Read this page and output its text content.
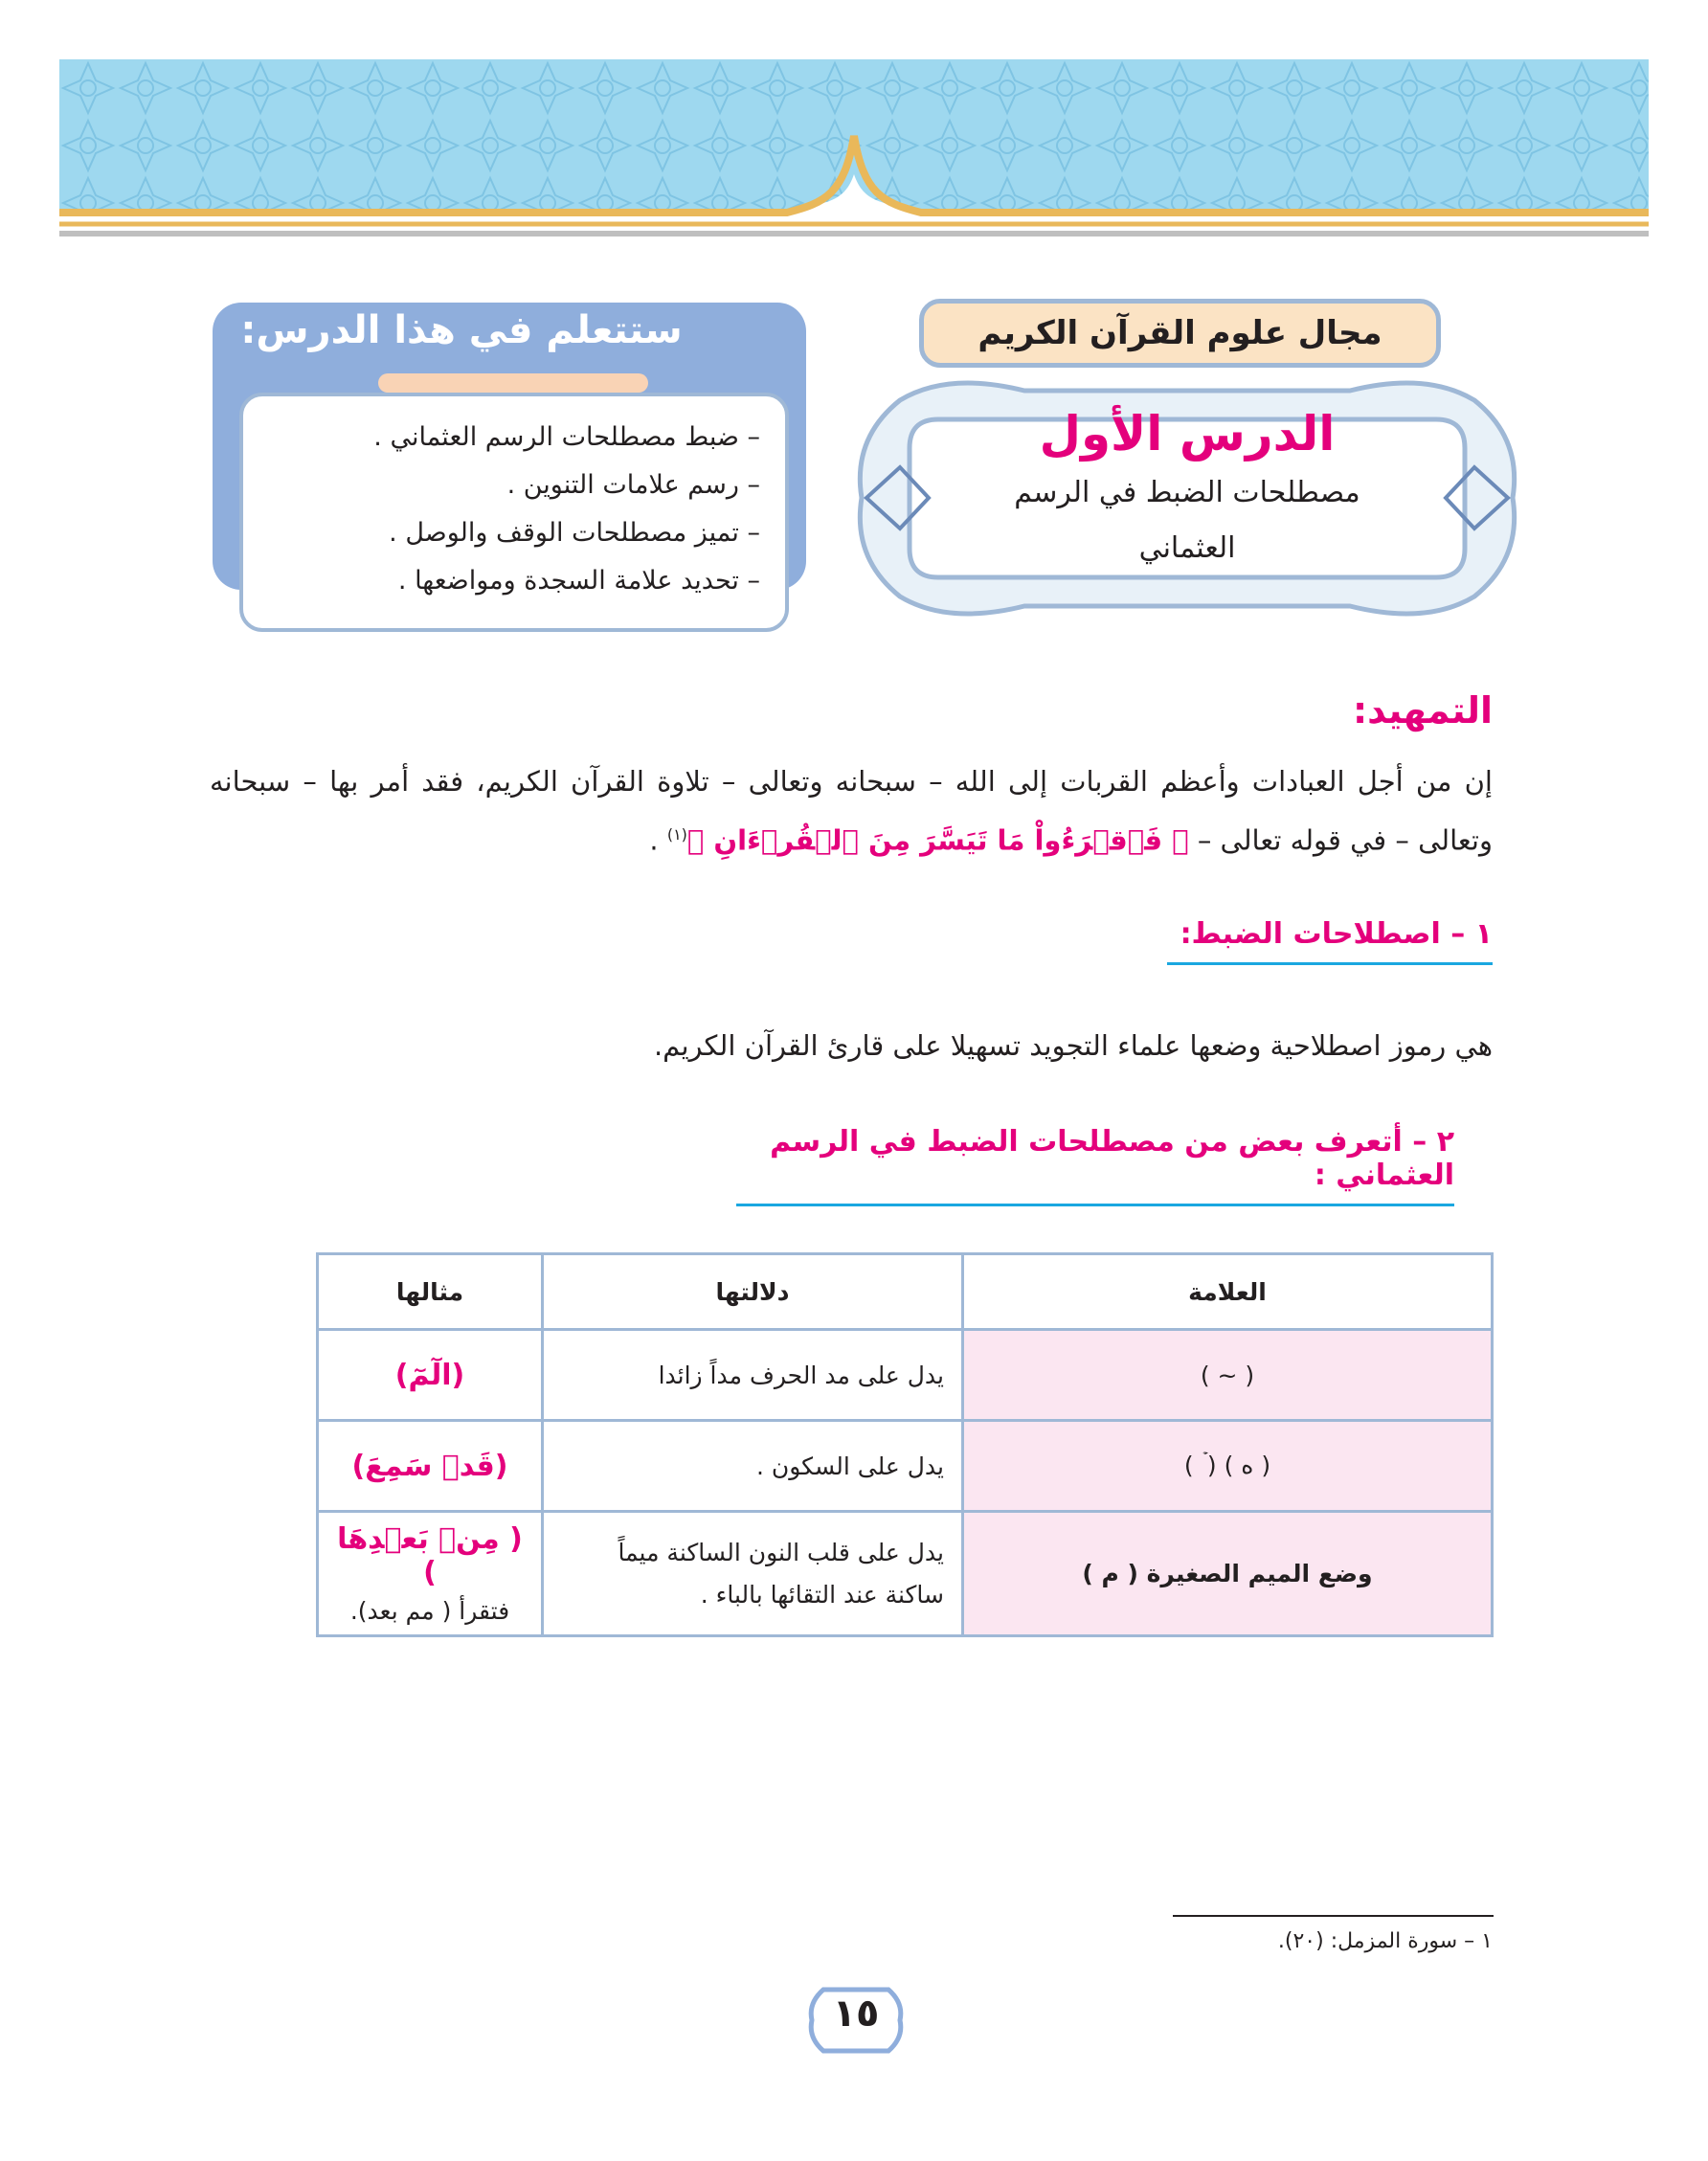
مجال علوم القرآن الكريم
الدرس الأول
مصطلحات الضبط في الرسم العثماني
ستتعلم في هذا الدرس:
– ضبط مصطلحات الرسم العثماني .
– رسم علامات التنوين .
– تميز مصطلحات الوقف والوصل .
– تحديد علامة السجدة ومواضعها .
التمهيد:
إن من أجل العبادات وأعظم القربات إلى الله – سبحانه وتعالى – تلاوة القرآن الكريم، فقد أمر بها – سبحانه وتعالى – في قوله تعالى – ﴿ فَٱقۡرَءُواْ مَا تَيَسَّرَ مِنَ ٱلۡقُرۡءَانِ ﴾$^{(١)}$ .
١ – اصطلاحات الضبط:
هي رموز اصطلاحية وضعها علماء التجويد تسهيلا على قارئ القرآن الكريم.
٢ – أتعرف بعض من مصطلحات الضبط في الرسم العثماني :
العلامة	دلالتها	مثالها
( ~ )	يدل على مد الحرف مداً زائدا	(الٓمٓ)
( ه ) ( ۡ )	يدل على السكون .	(قَدۡ سَمِعَ)
وضع الميم الصغيرة ( م )	يدل على قلب النون الساكنة ميماً ساكنة عند التقائها بالباء .	( مِنۢ بَعۡدِهَا )
فتقرأ ( مم بعد).
١ – سورة المزمل: (٢٠).
١٥
